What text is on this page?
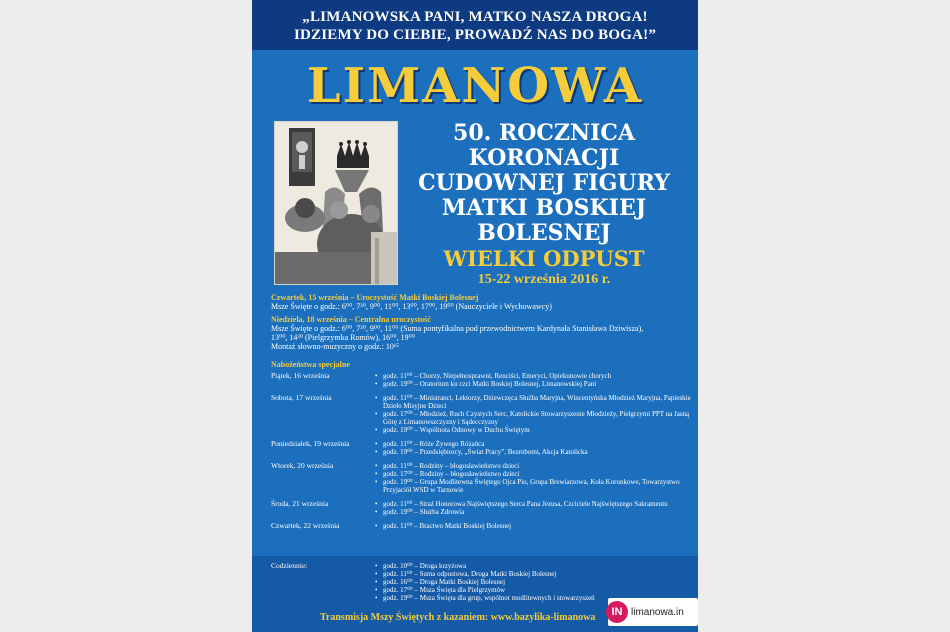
„LIMANOWSKA PANI, MATKO NASZA DROGA!
IDZIEMY DO CIEBIE, PROWADŹ NAS DO BOGA!”
LIMANOWA
50. ROCZNICA
KORONACJI
CUDOWNEJ FIGURY
MATKI BOSKIEJ
BOLESNEJ
WIELKI ODPUST
15-22 września 2016 r.
Czwartek, 15 września – Uroczystość Matki Boskiej Bolesnej
Msze Święte o godz.: 6⁰⁰, 7³⁰, 9⁰⁰, 11⁰⁰, 13⁰⁰, 17⁰⁰, 19⁰⁰ (Nauczyciele i Wychowawcy)
Niedziela, 18 września – Centralna uroczystość
Msze Święte o godz.: 6⁰⁰, 7³⁰, 9⁰⁰, 11⁰⁰ (Suma pontyfikalna pod przewodnictwem Kardynała Stanisława Dziwisza),
13⁰⁰, 14³⁰ (Pielgrzymka Romów), 16⁰⁰, 19⁰⁰
Montaż słowno-muzyczny o godz.: 10¹⁵
Nabożeństwa specjalne
Piątek, 16 września	• godz. 11⁰⁰ – Chorzy, Niepełnosprawni, Renciści, Emeryci, Opiekunowie chorych
• godz. 19⁰⁰ – Oratorium ku czci Matki Boskiej Bolesnej, Limanowskiej Pani
Sobota, 17 września	• godz. 11⁰⁰ – Ministranci, Lektorzy, Dziewczęca Służba Maryjna, Wincentyńska Młodzież Maryjna, Papieskie Dzieło Misyjne Dzieci
• godz. 17⁰⁰ – Młodzież, Ruch Czystych Serc, Katolickie Stowarzyszenie Młodzieży, Pielgrzymi PPT na Jasną Górę z Limanowszczyzny i Sądecczyzny
• godz. 19⁰⁰ – Wspólnota Odnowy w Duchu Świętym
Poniedziałek, 19 września	• godz. 11⁰⁰ – Róże Żywego Różańca
• godz. 19⁰⁰ – Przedsiębiorcy, „Świat Pracy”, Bezrobotni, Akcja Katolicka
Wtorek, 20 września	• godz. 11⁰⁰ – Rodziny – błogosławieństwo dzieci
• godz. 17⁰⁰ – Rodziny – błogosławieństwo dzieci
• godz. 19⁰⁰ – Grupa Modlitewna Świętego Ojca Pio, Grupa Brewiarzowa, Koła Koronkowe, Towarzystwo Przyjaciół WSD w Tarnowie
Środa, 21 września	• godz. 11⁰⁰ – Straż Honorowa Najświętszego Serca Pana Jezusa, Czciciele Najświętszego Sakramentu
• godz. 19⁰⁰ – Służba Zdrowia
Czwartek, 22 września	• godz. 11⁰⁰ – Bractwo Matki Boskiej Bolesnej
Codziennie:	• godz. 10⁰⁰ – Droga krzyżowa
• godz. 11⁰⁰ – Suma odpustowa, Droga Matki Boskiej Bolesnej
• godz. 16⁰⁰ – Droga Matki Boskiej Bolesnej
• godz. 17⁰⁰ – Msza Święta dla Pielgrzymów
• godz. 19⁰⁰ – Msza Święta dla grup, wspólnot modlitewnych i stowarzyszeń
Transmisja Mszy Świętych z kazaniem: www.bazylika-limanowa	IN limanowa.in
